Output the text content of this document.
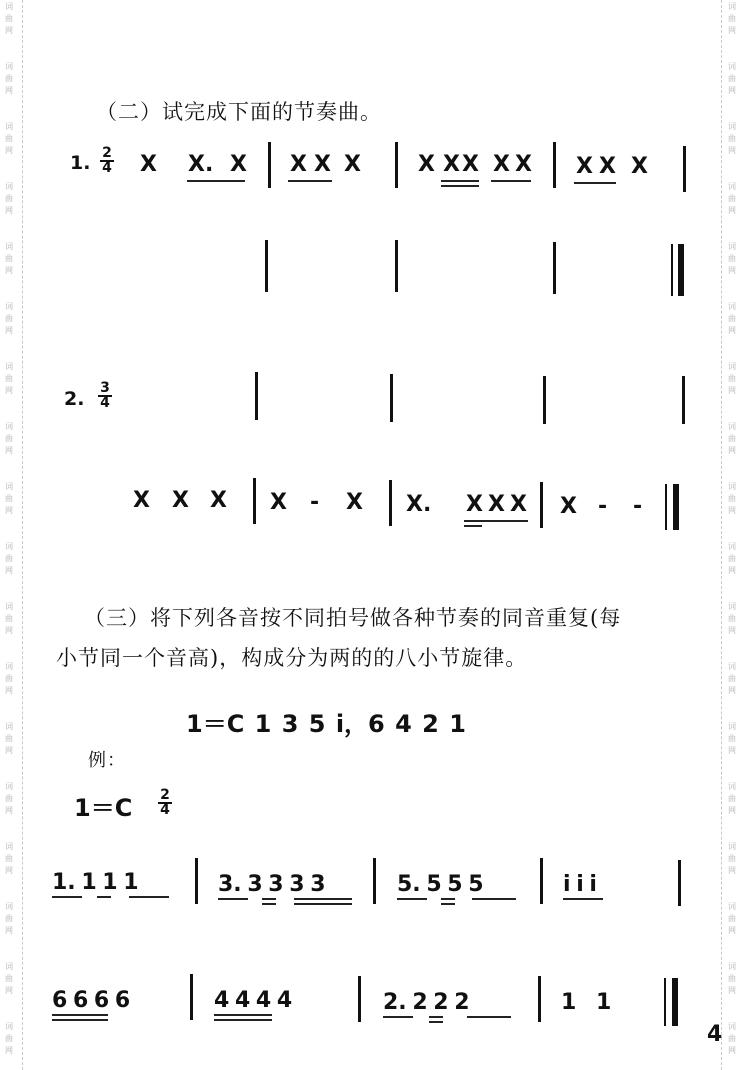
词
曲
网
词
曲
网
词
曲
网
词
曲
网
词
曲
网
词
曲
网
词
曲
网
词
曲
网
词
曲
网
词
曲
网
词
曲
网
词
曲
网
词
曲
网
词
曲
网
词
曲
网
词
曲
网
词
曲
网
词
曲
网
词
曲
网
词
曲
网
词
曲
网
词
曲
网
词
曲
网
词
曲
网
词
曲
网
词
曲
网
词
曲
网
词
曲
网
词
曲
网
词
曲
网
词
曲
网
词
曲
网
词
曲
网
词
曲
网
词
曲
网
词
曲
网
（二）试完成下面的节奏曲。
1. $\frac{2}{4}$ X X. X X X X	X X X X X X X X
2. $\frac{3}{4}$
X X X X - X X. X X X X - -
（三）将下列各音按不同拍号做各种节奏的同音重复(每
小节同一个音高)，构成分为两的的八小节旋律。
1＝C 1 3 5 i，6 4 2 1
例：
$1=C \frac{2}{4}$
1. 1 1 1	3. 3 3 3 3	5. 5 5 5	i i i
6 6 6 6	4 4 4 4	2. 2 2 2	1 1
4
